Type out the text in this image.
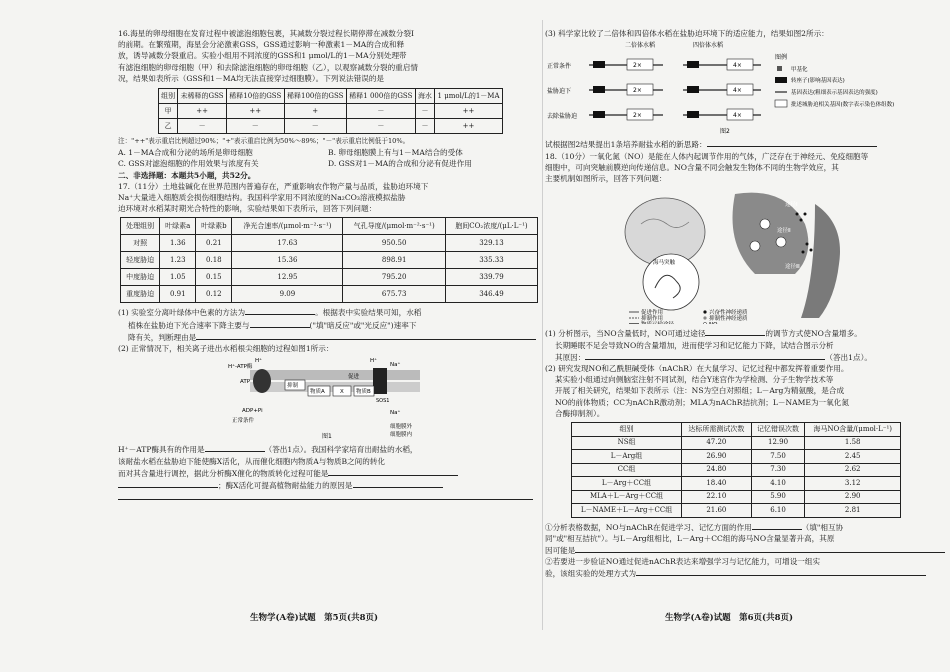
16.海星的卵母细胞在发育过程中被滤泡细胞包裹，其减数分裂过程长期停滞在减数分裂Ⅰ

的前期。在繁殖期，海星会分泌激素GSS，GSS通过影响一种激素1－MA的合成和释

放，诱导减数分裂重启。实验小组用不同浓度的GSS和1 μmol/L的1－MA分别处理带

有滤泡细胞的卵母细胞（甲）和去除滤泡细胞的卵母细胞（乙），以观察减数分裂的重启情

况，结果如表所示（GSS和1－MA均无法直接穿过细胞膜）。下列说法错误的是

组别	未稀释的GSS	稀释10倍的GSS	稀释100倍的GSS	稀释1 000倍的GSS	海水	1 μmol/L的1－MA
甲	++	++	+	－	－	++
乙	－	－	－	－	－	++

注："++"表示重启比例超过90%；"+"表示重启比例为50%～89%；"－"表示重启比例低于10%。

A. 1－MA合成和分泌的场所是卵母细胞	B. 卵母细胞膜上有与1－MA结合的受体
C. GSS对滤泡细胞的作用效果与浓度有关	D. GSS对1－MA的合成和分泌有促进作用

二、非选择题：本题共5小题，共52分。

17.（11分）土地盐碱化在世界范围内普遍存在，严重影响农作物产量与品质，盐胁迫环境下

Na⁺大量进入细胞质会损伤细胞结构。我国科学家用不同浓度的Na₂CO₃溶液模拟盐胁

迫环境对水稻某时期光合特性的影响，实验结果如下表所示，回答下列问题：

处理组别	叶绿素a	叶绿素b	净光合速率/(μmol·m⁻²·s⁻¹)	气孔导度/(μmol·m⁻²·s⁻¹)	胞间CO₂浓度/(μL·L⁻¹)
对照	1.36	0.21	17.63	950.50	329.13
轻度胁迫	1.23	0.18	15.36	898.91	335.33
中度胁迫	1.05	0.15	12.95	795.20	339.79
重度胁迫	0.91	0.12	9.09	675.73	346.49

(1) 实验室分离叶绿体中色素的方法为	。根据表中实验结果可知，水稻

植株在盐胁迫下光合速率下降主要与	("填"暗反应"或"光反应")速率下

降有关，判断理由是

(2) 正常情况下，相关离子进出水稻根尖细胞的过程如图1所示：

H⁺-ATP酶
H⁺
ATP
ADP+Pi
抑制
物质A	X 物质B
促进
SOS1
H⁺
Na⁺
Na⁺
正常条件
细胞膜外
细胞膜内
图1

H⁺－ATP酶具有的作用是	（答出1点）。我国科学家培育出耐盐的水稻，

该耐盐水稻在盐胁迫下能使酶X活化，从而催化细胞内物质A与物质B之间的转化

而对其含量进行调控，据此分析酶X催化的物质转化过程可能是

；酶X活化可提高植物耐盐能力的原因是

生物学(A卷)试题　第5页(共8页)

(3) 科学家比较了二倍体和四倍体水稻在盐胁迫环境下的适应能力，结果如图2所示：

二倍体水稻	四倍体水稻
正常条件
盐胁迫下
去除盐胁迫
2×	4×
2×	4×
2×	4×
图例
甲基化
转座子(影响基因表达)
基因表达(粗细表示基因表达的强度)
批述城胁迫相关基因(数字表示染色体组数)
图2

试根据图2结果提出1条培养耐盐水稻的新思路：

18.（10分）一氧化氮（NO）是能在人体内起调节作用的气体，广泛存在于神经元、免疫细胞等

细胞中，可向突触前膜逆向传递信息。NO含量不同会触发生物体不同的生物学效应，其

主要机制如图所示，回答下列问题：

海马突触
途径Ⅰ
途径Ⅱ
途径Ⅲ
促进作用
抑制作用
兴奋性神经递质
抑制性神经递质

(1) 分析图示，当NO含量低时，NO可通过途径	的调节方式使NO含量增多。

长期睡眠不足会导致NO的含量增加，进而使学习和记忆能力下降，试结合图示分析

其原因：	（答出1点）。

(2) 研究发现NO和乙酰胆碱受体（nAChR）在大鼠学习、记忆过程中都发挥着重要作用。

某实验小组通过向侧脑室注射不同试剂，结合Y迷宫作为学检测、分子生物学技术等

开展了相关研究，结果如下表所示（注：NS为空白对照组；L－Arg为精氨酸，是合成

NO的前体物质；CC为nAChR激动剂；MLA为nAChR拮抗剂；L－NAME为一氧化氮

合酶抑制剂）。

组别	达标所需测试次数	记忆错误次数	海马NO含量/(μmol·L⁻¹)
NS组	47.20	12.90	1.58
L－Arg组	26.90	7.50	2.45
CC组	24.80	7.30	2.62
L－Arg＋CC组	18.40	4.10	3.12
MLA＋L－Arg＋CC组	22.10	5.90	2.90
L－NAME＋L－Arg＋CC组	21.60	6.10	2.81

①分析表格数据，NO与nAChR在促进学习、记忆方面的作用	（填"相互协

同"或"相互拮抗"）。与L－Arg组相比，L－Arg＋CC组的海马NO含量显著升高，其原

因可能是

②若要进一步验证NO通过促进nAChR表达来增强学习与记忆能力，可增设一组实

验，该组实验的处理方式为

生物学(A卷)试题　第6页(共8页)
